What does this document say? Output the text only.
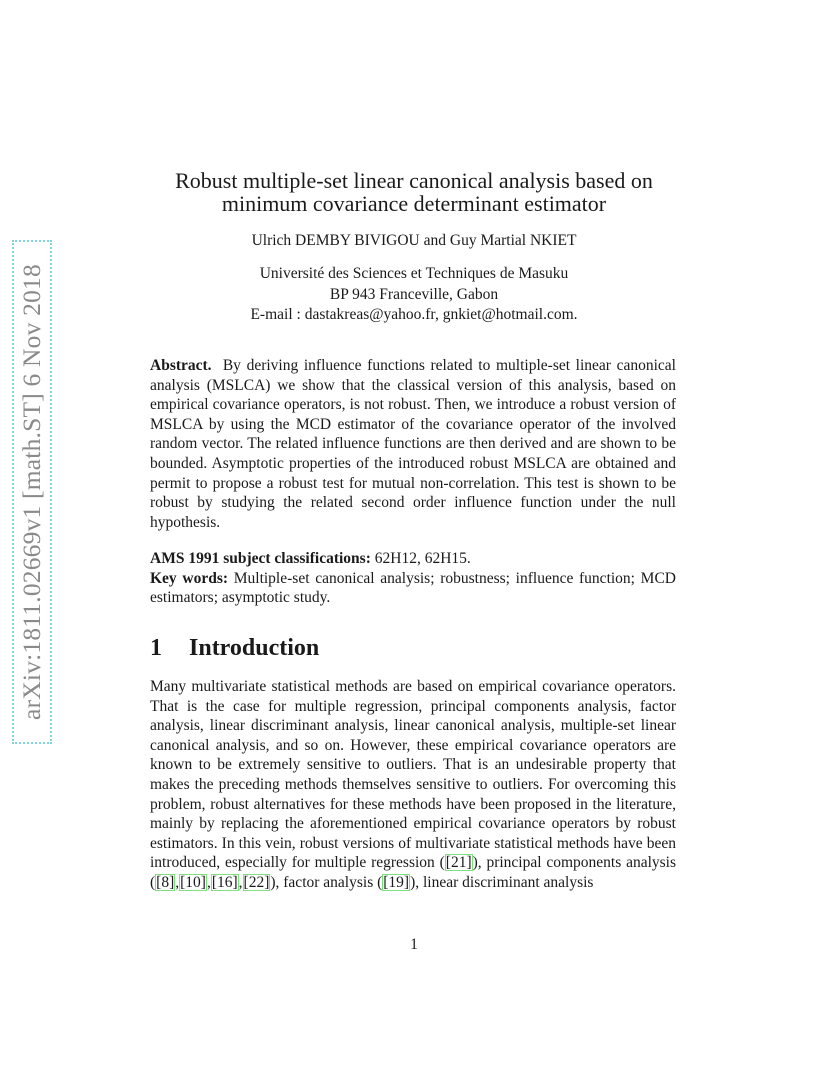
arXiv:1811.02669v1 [math.ST] 6 Nov 2018
Robust multiple-set linear canonical analysis based on
minimum covariance determinant estimator
Ulrich DEMBY BIVIGOU and Guy Martial NKIET
Université des Sciences et Techniques de Masuku
BP 943 Franceville, Gabon
E-mail : dastakreas@yahoo.fr, gnkiet@hotmail.com.
Abstract. By deriving influence functions related to multiple-set linear canonical analysis (MSLCA) we show that the classical version of this analysis, based on empirical covariance operators, is not robust. Then, we introduce a robust version of MSLCA by using the MCD estimator of the covariance operator of the involved random vector. The related influence functions are then derived and are shown to be bounded. Asymptotic properties of the introduced robust MSLCA are obtained and permit to propose a robust test for mutual non-correlation. This test is shown to be robust by studying the related second order influence function under the null hypothesis.

AMS 1991 subject classifications: 62H12, 62H15.

Key words: Multiple-set canonical analysis; robustness; influence function; MCD estimators; asymptotic study.

1 Introduction
Many multivariate statistical methods are based on empirical covariance operators. That is the case for multiple regression, principal components analysis, factor analysis, linear discriminant analysis, linear canonical analysis, multiple-set linear canonical analysis, and so on. However, these empirical covariance operators are known to be extremely sensitive to outliers. That is an undesirable property that makes the preceding methods themselves sensitive to outliers. For overcoming this problem, robust alternatives for these methods have been proposed in the literature, mainly by replacing the aforementioned empirical covariance operators by robust estimators. In this vein, robust versions of multivariate statistical methods have been introduced, especially for multiple regression ([21]), principal components analysis ([8],[10],[16],[22]), factor analysis ([19]), linear discriminant analysis
1
